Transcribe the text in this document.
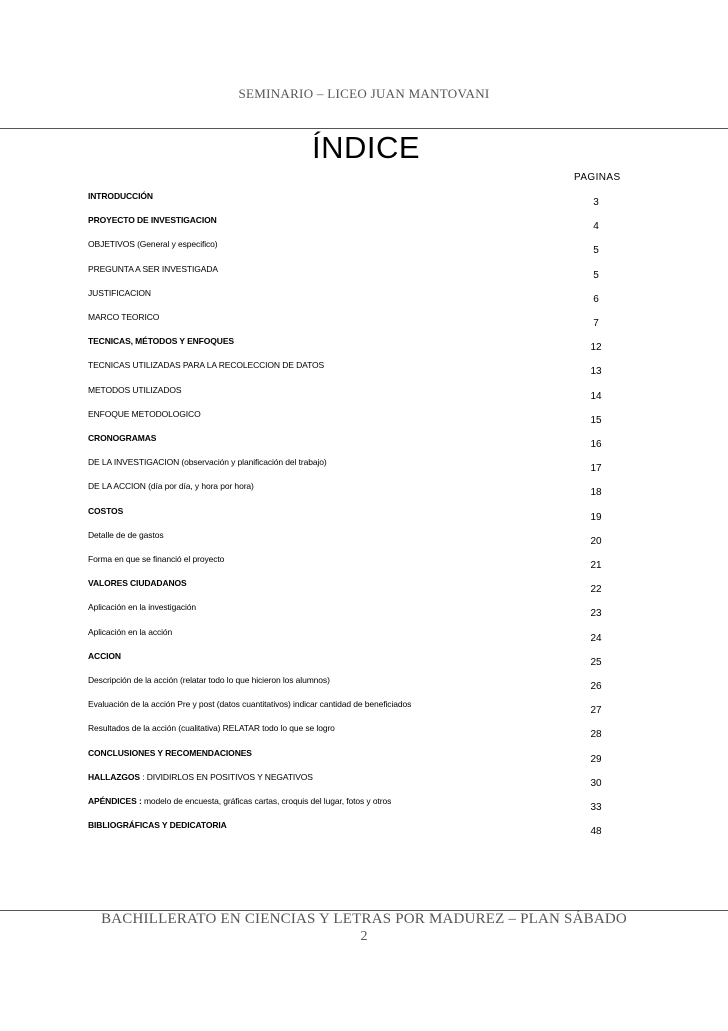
SEMINARIO – LICEO JUAN MANTOVANI
ÍNDICE
PAGINAS
INTRODUCCIÓN
3
PROYECTO DE INVESTIGACION
4
OBJETIVOS (General y especifico)
5
PREGUNTA A SER INVESTIGADA
5
JUSTIFICACION
6
MARCO TEORICO
7
TECNICAS, MÉTODOS Y ENFOQUES
12
TECNICAS UTILIZADAS PARA LA RECOLECCION DE DATOS
13
METODOS UTILIZADOS
14
ENFOQUE METODOLOGICO
15
CRONOGRAMAS
16
DE LA INVESTIGACION (observación y planificación del trabajo)
17
DE LA ACCION (día por día, y hora por hora)
18
COSTOS
19
Detalle de de gastos
20
Forma en que se financió el proyecto
21
VALORES CIUDADANOS
22
Aplicación en la investigación
23
Aplicación en la acción
24
ACCION
25
Descripción de la acción (relatar todo lo que hicieron los alumnos)
26
Evaluación de la acción Pre y post (datos cuantitativos) indicar cantidad de beneficiados
27
Resultados de la acción (cualitativa) RELATAR todo lo que se logro
28
CONCLUSIONES Y RECOMENDACIONES
29
HALLAZGOS : DIVIDIRLOS EN POSITIVOS Y NEGATIVOS
30
APÉNDICES : modelo de encuesta, gráficas cartas, croquis del lugar, fotos y otros
33
BIBLIOGRÁFICAS Y DEDICATORIA
48
BACHILLERATO EN CIENCIAS Y LETRAS POR MADUREZ – PLAN SÁBADO
2
